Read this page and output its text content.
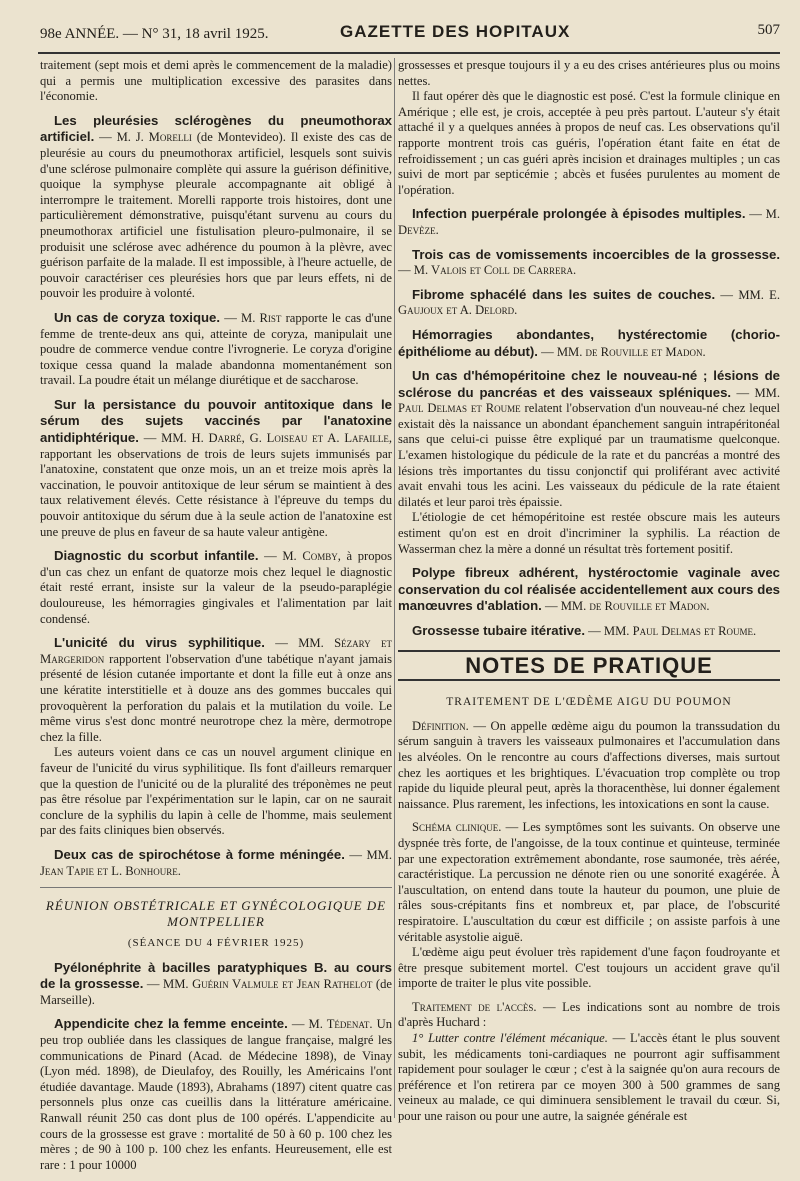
98e ANNÉE. — N° 31, 18 avril 1925.	GAZETTE DES HOPITAUX	507

traitement (sept mois et demi après le commencement de la maladie) qui a permis une multiplication excessive des parasites dans l'économie.

Les pleurésies sclérogènes du pneumothorax artificiel. — M. J. Morelli (de Montevideo). Il existe des cas de pleurésie au cours du pneumothorax artificiel, lesquels sont suivis d'une sclérose pulmonaire complète qui assure la guérison définitive, quoique la symphyse pleurale accompagnante ait obligé à interrompre le traitement. Morelli rapporte trois histoires, dont une particulièrement démonstrative, puisqu'étant survenu au cours du pneumothorax artificiel une fistulisation pleuro-pulmonaire, il se produisit une sclérose avec adhérence du poumon à la plèvre, avec guérison parfaite de la malade. Il est impossible, à l'heure actuelle, de pouvoir caractériser ces pleurésies hors que par leurs effets, ni de pouvoir les produire à volonté.

Un cas de coryza toxique. — M. Rist rapporte le cas d'une femme de trente-deux ans qui, atteinte de coryza, manipulait une poudre de commerce vendue contre l'ivrognerie. Le coryza d'origine toxique cessa quand la malade abandonna momentanément son travail. La poudre était un mélange diurétique et de saccharose.

Sur la persistance du pouvoir antitoxique dans le sérum des sujets vaccinés par l'anatoxine antidiphtérique. — MM. H. Darré, G. Loiseau et A. Lafaille, rapportant les observations de trois de leurs sujets immunisés par l'anatoxine, constatent que onze mois, un an et treize mois après la vaccination, le pouvoir antitoxique de leur sérum se maintient à des taux relativement élevés. Cette résistance à l'épreuve du temps du pouvoir antitoxique du sérum due à la seule action de l'anatoxine est une preuve de plus en faveur de sa haute valeur antigène.

Diagnostic du scorbut infantile. — M. Comby, à propos d'un cas chez un enfant de quatorze mois chez lequel le diagnostic était resté errant, insiste sur la valeur de la pseudo-paraplégie douloureuse, les hémorragies gingivales et l'alimentation par lait condensé.

L'unicité du virus syphilitique. — MM. Sézary et Margeridon rapportent l'observation d'une tabétique n'ayant jamais présenté de lésion cutanée importante et dont la fille eut à onze ans une kératite interstitielle et à douze ans des gommes buccales qui provoquèrent la perforation du palais et la mutilation du voile. Le même virus s'est donc montré neurotrope chez la mère, dermotrope chez la fille.

Les auteurs voient dans ce cas un nouvel argument clinique en faveur de l'unicité du virus syphilitique. Ils font d'ailleurs remarquer que la question de l'unicité ou de la pluralité des tréponèmes ne peut pas être résolue par l'expérimentation sur le lapin, car on ne saurait conclure de la syphilis du lapin à celle de l'homme, mais seulement par des faits cliniques bien observés.

Deux cas de spirochétose à forme méningée. — MM. Jean Tapie et L. Bonhoure.

RÉUNION OBSTÉTRICALE ET GYNÉCOLOGIQUE DE MONTPELLIER
(SÉANCE DU 4 FÉVRIER 1925)

Pyélonéphrite à bacilles paratyphiques B. au cours de la grossesse. — MM. Guérin Valmule et Jean Rathelot (de Marseille).

Appendicite chez la femme enceinte. — M. Tédenat. Un peu trop oubliée dans les classiques de langue française, malgré les communications de Pinard (Acad. de Médecine 1898), de Vinay (Lyon méd. 1898), de Dieulafoy, des Rouilly, les Américains l'ont étudiée davantage. Maude (1893), Abrahams (1897) citent quatre cas personnels plus onze cas cueillis dans la littérature américaine. Ranwall réunit 250 cas dont plus de 100 opérés. L'appendicite au cours de la grossesse est grave : mortalité de 50 à 60 p. 100 chez les mères ; de 90 à 100 p. 100 chez les enfants. Heureusement, elle est rare : 1 pour 10000

grossesses et presque toujours il y a eu des crises antérieures plus ou moins nettes.

Il faut opérer dès que le diagnostic est posé. C'est la formule clinique en Amérique ; elle est, je crois, acceptée à peu près partout. L'auteur s'y était attaché il y a quelques années à propos de neuf cas. Les observations qu'il rapporte montrent trois cas guéris, l'opération étant faite en état de refroidissement ; un cas guéri après incision et drainages multiples ; un cas suivi de mort par septicémie ; abcès et fusées purulentes au moment de l'opération.

Infection puerpérale prolongée à épisodes multiples. — M. Devèze.

Trois cas de vomissements incoercibles de la grossesse. — M. Valois et Coll de Carrera.

Fibrome sphacélé dans les suites de couches. — MM. E. Gaujoux et A. Delord.

Hémorragies abondantes, hystérectomie (chorio-épithéliome au début). — MM. de Rouville et Madon.

Un cas d'hémopéritoine chez le nouveau-né ; lésions de sclérose du pancréas et des vaisseaux spléniques. — MM. Paul Delmas et Roume relatent l'observation d'un nouveau-né chez lequel existait dès la naissance un abondant épanchement sanguin intrapéritonéal sans que celui-ci puisse être expliqué par un traumatisme quelconque. L'examen histologique du pédicule de la rate et du pancréas a montré des lésions très importantes du tissu conjonctif qui proliférant avec activité avait envahi tous les acini. Les vaisseaux du pédicule de la rate étaient dilatés et leur paroi très épaissie.

L'étiologie de cet hémopéritoine est restée obscure mais les auteurs estiment qu'on est en droit d'incriminer la syphilis. La réaction de Wasserman chez la mère a donné un résultat très fortement positif.

Polype fibreux adhérent, hystéroctomie vaginale avec conservation du col réalisée accidentellement aux cours des manœuvres d'ablation. — MM. de Rouville et Madon.

Grossesse tubaire itérative. — MM. Paul Delmas et Roume.

NOTES DE PRATIQUE
TRAITEMENT DE L'ŒDÈME AIGU DU POUMON

Définition. — On appelle œdème aigu du poumon la transsudation du sérum sanguin à travers les vaisseaux pulmonaires et l'accumulation dans les alvéoles. On le rencontre au cours d'affections diverses, mais surtout chez les aortiques et les brightiques. L'évacuation trop complète ou trop rapide du liquide pleural peut, après la thoracenthèse, lui donner également naissance. Plus rarement, les infections, les intoxications en sont la cause.

Schéma clinique. — Les symptômes sont les suivants. On observe une dyspnée très forte, de l'angoisse, de la toux continue et quinteuse, terminée par une expectoration extrêmement abondante, rose saumonée, très aérée, caractéristique. La percussion ne dénote rien ou une sonorité exagérée. À l'auscultation, on entend dans toute la hauteur du poumon, une pluie de râles sous-crépitants fins et nombreux et, par place, de l'obscurité respiratoire. L'auscultation du cœur est difficile ; on assiste parfois à une véritable asystolie aiguë.

L'œdème aigu peut évoluer très rapidement d'une façon foudroyante et être presque subitement mortel. C'est toujours un accident grave qu'il importe de traiter le plus vite possible.

Traitement de l'accès. — Les indications sont au nombre de trois d'après Huchard :

1° Lutter contre l'élément mécanique. — L'accès étant le plus souvent subit, les médicaments toni-cardiaques ne pourront agir suffisamment rapidement pour soulager le cœur ; c'est à la saignée qu'on aura recours de préférence et l'on retirera par ce moyen 300 à 500 grammes de sang veineux au malade, ce qui diminuera sensiblement le travail du cœur. Si, pour une raison ou pour une autre, la saignée générale est
